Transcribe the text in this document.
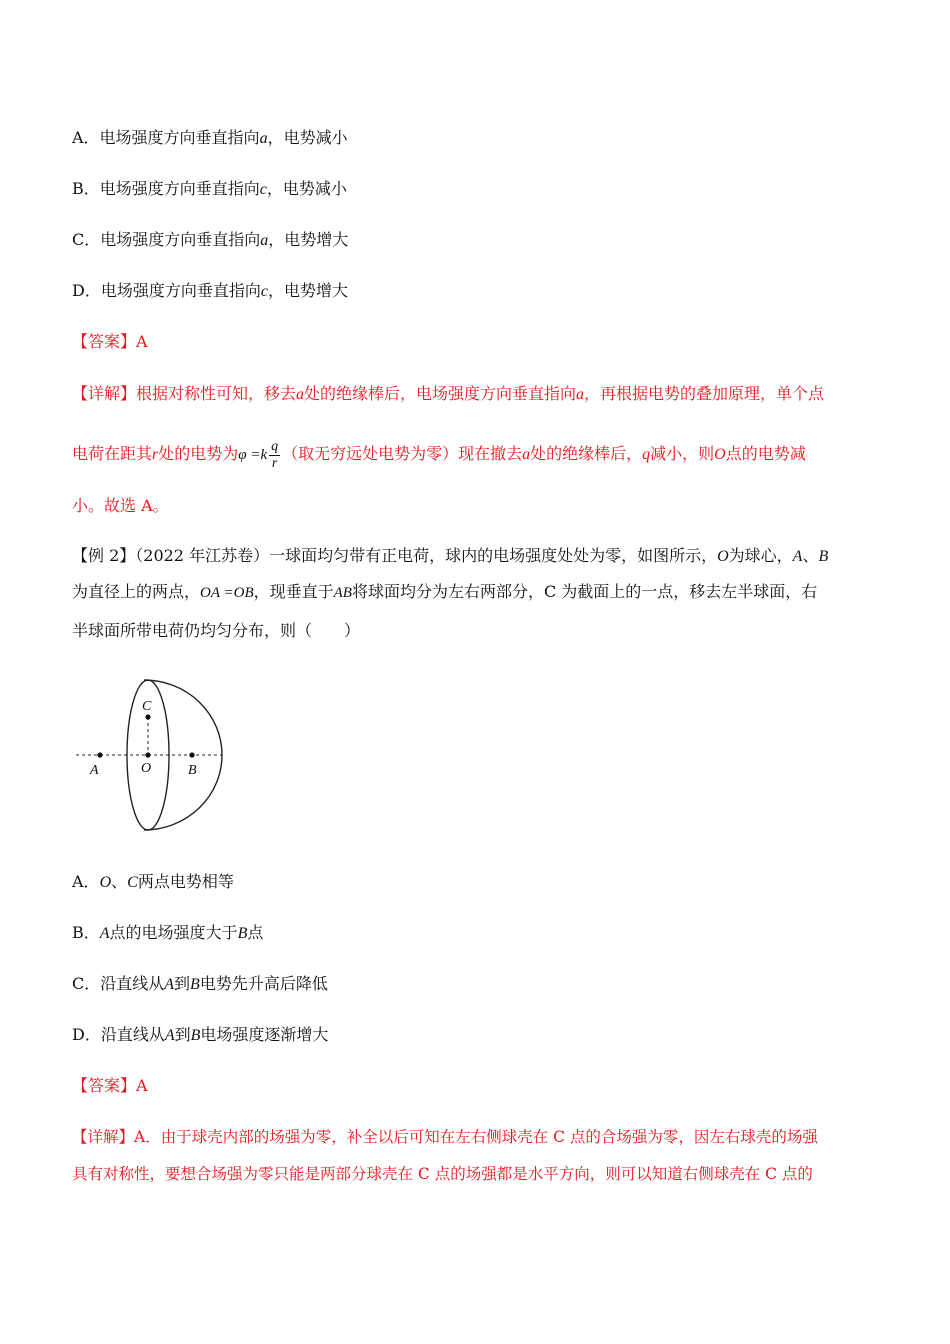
A．电场强度方向垂直指向a，电势减小
B．电场强度方向垂直指向c，电势减小
C．电场强度方向垂直指向a，电势增大
D．电场强度方向垂直指向c，电势增大
【答案】A
【详解】根据对称性可知，移去a处的绝缘棒后，电场强度方向垂直指向a，再根据电势的叠加原理，单个点
电荷在距其r处的电势为$\varphi =k \frac{q}{r}$ （取无穷远处电势为零）现在撤去a处的绝缘棒后，q减小，则O点的电势减
小。故选 A。
【例 2】（2022 年江苏卷）一球面均匀带有正电荷，球内的电场强度处处为零，如图所示，O为球心，A、B
为直径上的两点，OA =OB，现垂直于AB将球面均分为左右两部分，C 为截面上的一点，移去左半球面，右
半球面所带电荷仍均匀分布，则（　　）
C
A	O	B
A．O、C两点电势相等
B．A点的电场强度大于B点
C．沿直线从A到B电势先升高后降低
D．沿直线从A到B电场强度逐渐增大
【答案】A
【详解】A．由于球壳内部的场强为零，补全以后可知在左右侧球壳在 C 点的合场强为零，因左右球壳的场强
具有对称性，要想合场强为零只能是两部分球壳在 C 点的场强都是水平方向，则可以知道右侧球壳在 C 点的
